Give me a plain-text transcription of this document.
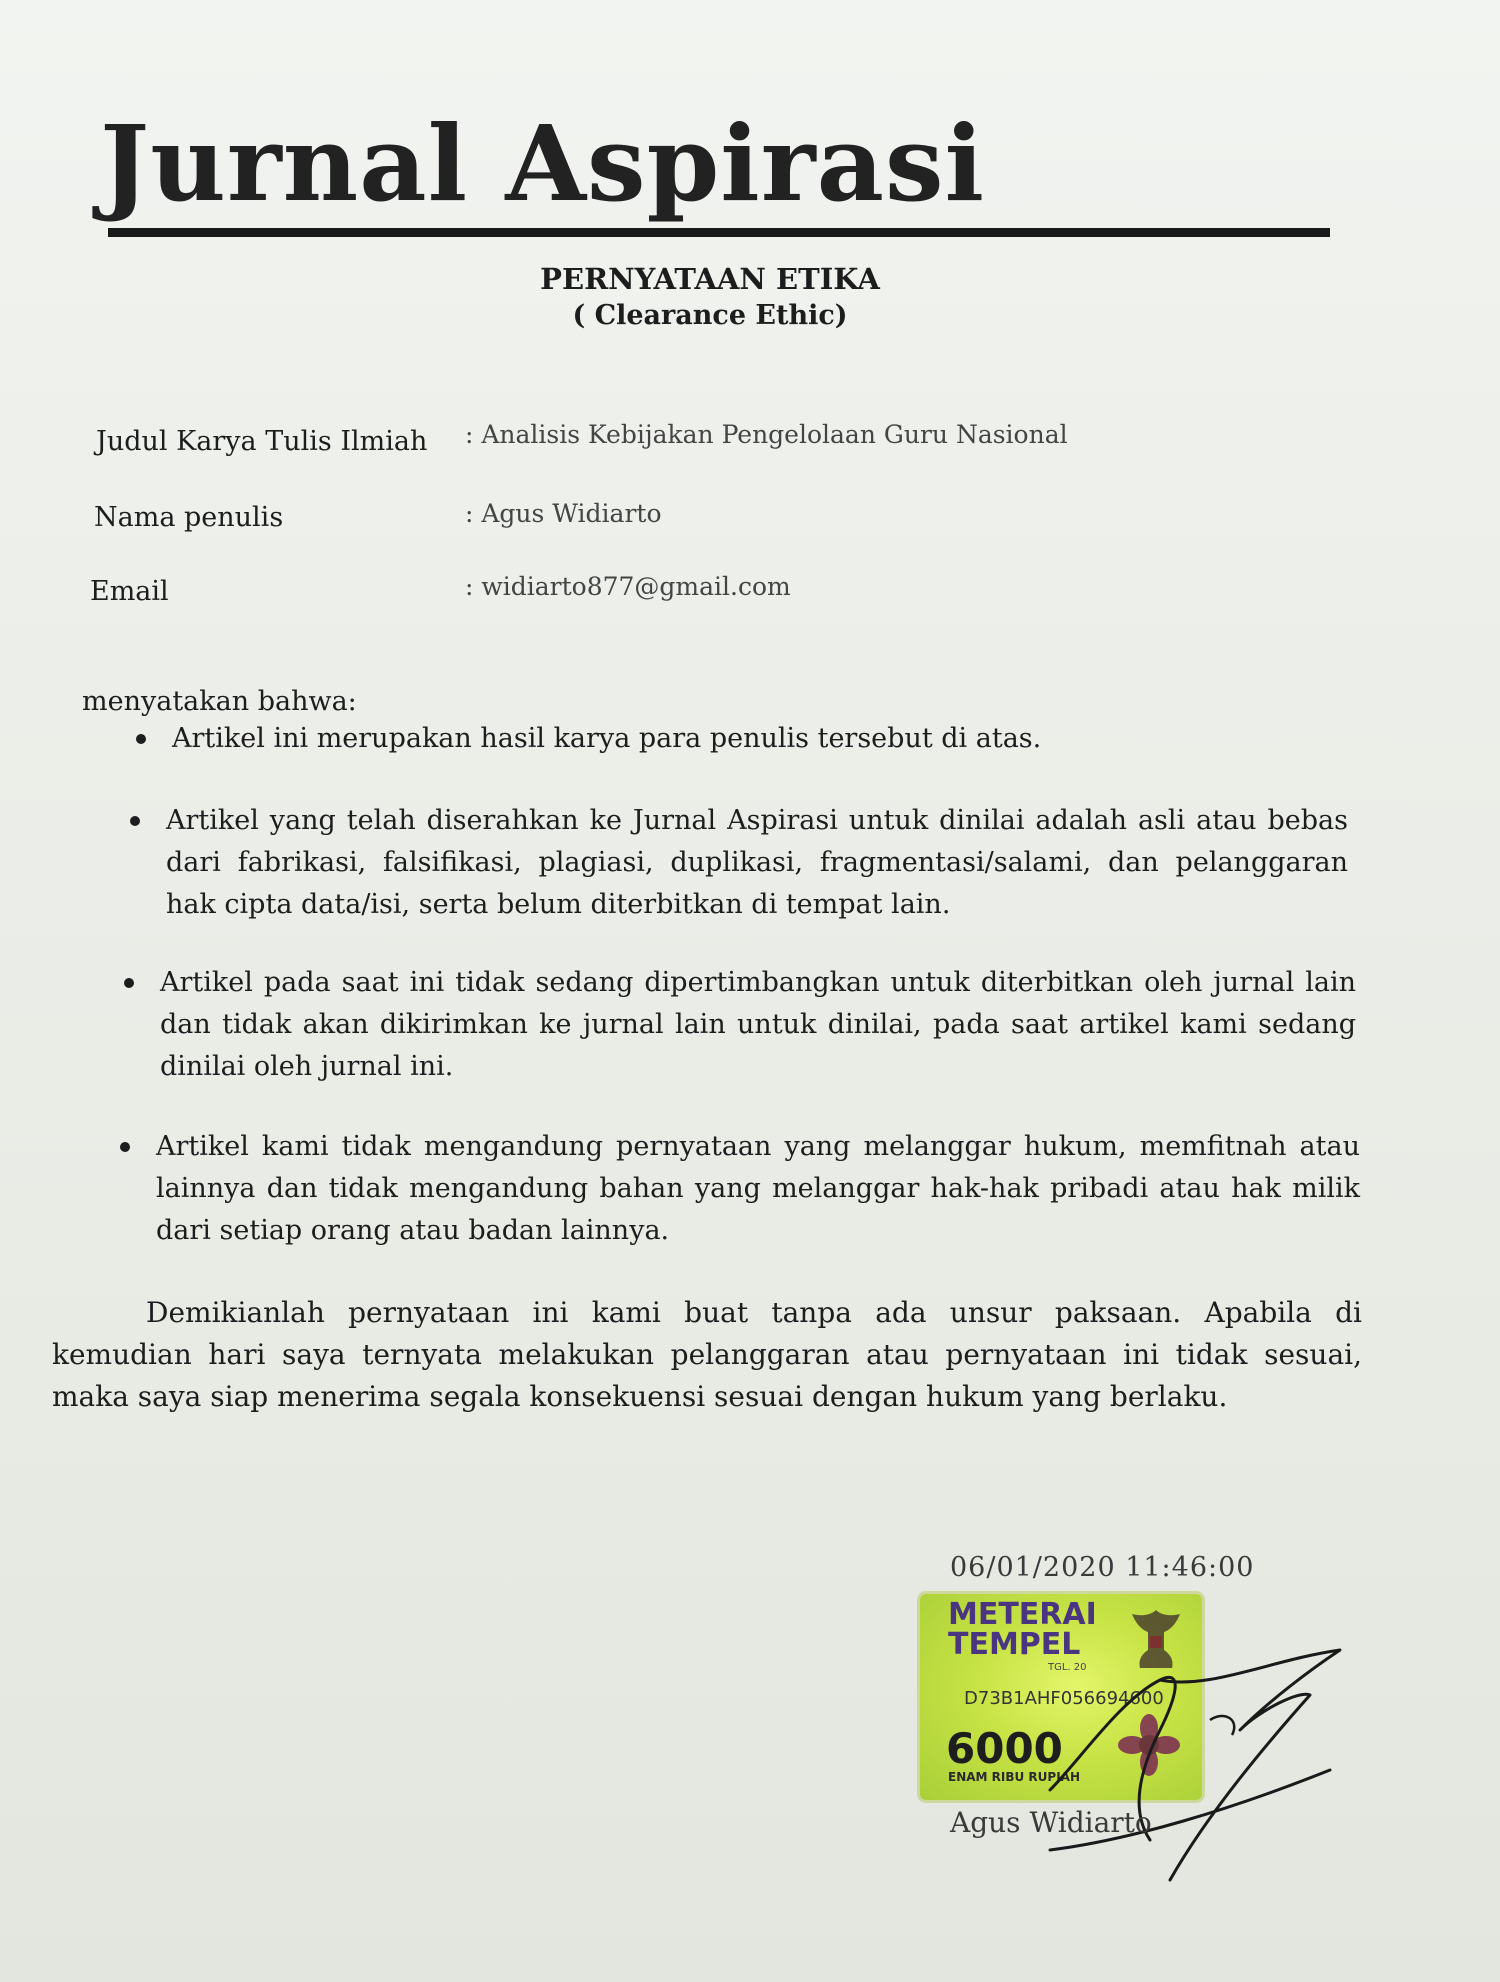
Jurnal Aspirasi
PERNYATAAN ETIKA
( Clearance Ethic)
Judul Karya Tulis Ilmiah : Analisis Kebijakan Pengelolaan Guru Nasional
Nama penulis	: Agus Widiarto
Email	: widiarto877@gmail.com
menyatakan bahwa:
Artikel ini merupakan hasil karya para penulis tersebut di atas.
Artikel yang telah diserahkan ke Jurnal Aspirasi untuk dinilai adalah asli atau bebas dari fabrikasi, falsifikasi, plagiasi, duplikasi, fragmentasi/salami, dan pelanggaran hak cipta data/isi, serta belum diterbitkan di tempat lain.
Artikel pada saat ini tidak sedang dipertimbangkan untuk diterbitkan oleh jurnal lain dan tidak akan dikirimkan ke jurnal lain untuk dinilai, pada saat artikel kami sedang dinilai oleh jurnal ini.
Artikel kami tidak mengandung pernyataan yang melanggar hukum, memfitnah atau lainnya dan tidak mengandung bahan yang melanggar hak-hak pribadi atau hak milik dari setiap orang atau badan lainnya.
Demikianlah pernyataan ini kami buat tanpa ada unsur paksaan. Apabila di kemudian hari saya ternyata melakukan pelanggaran atau pernyataan ini tidak sesuai, maka saya siap menerima segala konsekuensi sesuai dengan hukum yang berlaku.
06/01/2020 11:46:00
METERAI
TEMPEL
TGL. 20
D73B1AHF056694600
6000
ENAM RIBU RUPIAH
Agus Widiarto
